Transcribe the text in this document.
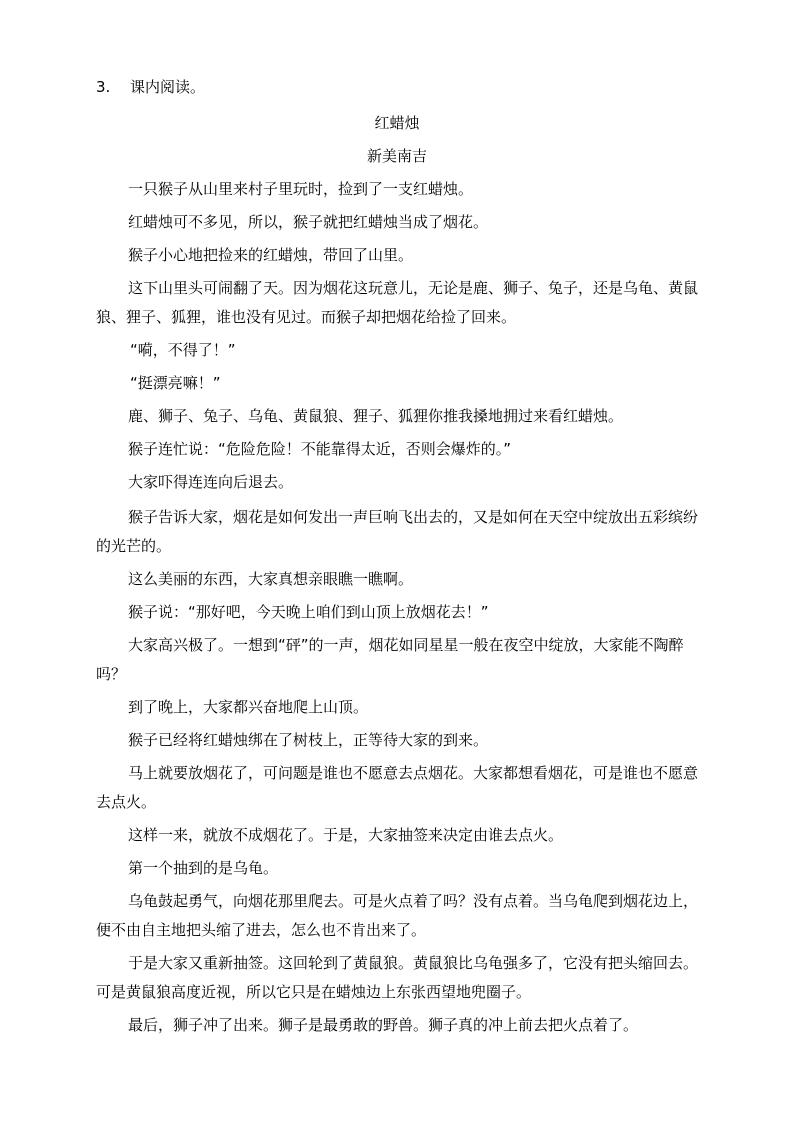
3. 课内阅读。
红蜡烛
新美南吉

一只猴子从山里来村子里玩时，捡到了一支红蜡烛。

红蜡烛可不多见，所以，猴子就把红蜡烛当成了烟花。

猴子小心地把捡来的红蜡烛，带回了山里。

这下山里头可闹翻了天。因为烟花这玩意儿，无论是鹿、狮子、兔子，还是乌龟、黄鼠狼、狸子、狐狸，谁也没有见过。而猴子却把烟花给捡了回来。

“嗬，不得了！”

“挺漂亮嘛！”

鹿、狮子、兔子、乌龟、黄鼠狼、狸子、狐狸你推我搡地拥过来看红蜡烛。

猴子连忙说：“危险危险！不能靠得太近，否则会爆炸的。”

大家吓得连连向后退去。

猴子告诉大家，烟花是如何发出一声巨响飞出去的，又是如何在天空中绽放出五彩缤纷的光芒的。

这么美丽的东西，大家真想亲眼瞧一瞧啊。

猴子说：“那好吧，今天晚上咱们到山顶上放烟花去！”

大家高兴极了。一想到“砰”的一声，烟花如同星星一般在夜空中绽放，大家能不陶醉吗？

到了晚上，大家都兴奋地爬上山顶。

猴子已经将红蜡烛绑在了树枝上，正等待大家的到来。

马上就要放烟花了，可问题是谁也不愿意去点烟花。大家都想看烟花，可是谁也不愿意去点火。

这样一来，就放不成烟花了。于是，大家抽签来决定由谁去点火。

第一个抽到的是乌龟。

乌龟鼓起勇气，向烟花那里爬去。可是火点着了吗？没有点着。当乌龟爬到烟花边上，便不由自主地把头缩了进去，怎么也不肯出来了。

于是大家又重新抽签。这回轮到了黄鼠狼。黄鼠狼比乌龟强多了，它没有把头缩回去。可是黄鼠狼高度近视，所以它只是在蜡烛边上东张西望地兜圈子。

最后，狮子冲了出来。狮子是最勇敢的野兽。狮子真的冲上前去把火点着了。
